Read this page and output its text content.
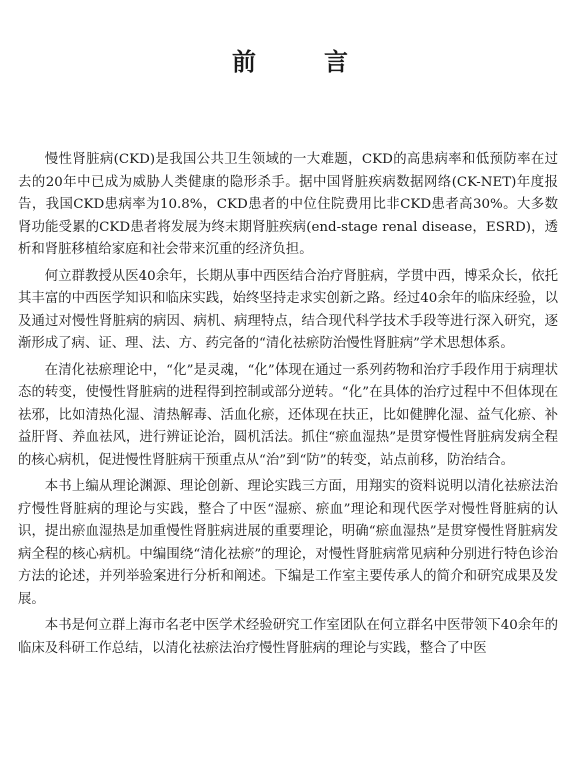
前　言

慢性肾脏病(CKD)是我国公共卫生领域的一大难题，CKD的高患病率和低预防率在过去的20年中已成为威胁人类健康的隐形杀手。据中国肾脏疾病数据网络(CK-NET)年度报告，我国CKD患病率为10.8%，CKD患者的中位住院费用比非CKD患者高30%。大多数肾功能受累的CKD患者将发展为终末期肾脏疾病(end-stage renal disease，ESRD)，透析和肾脏移植给家庭和社会带来沉重的经济负担。

何立群教授从医40余年，长期从事中西医结合治疗肾脏病，学贯中西，博采众长，依托其丰富的中西医学知识和临床实践，始终坚持走求实创新之路。经过40余年的临床经验，以及通过对慢性肾脏病的病因、病机、病理特点，结合现代科学技术手段等进行深入研究，逐渐形成了病、证、理、法、方、药完备的“清化祛瘀防治慢性肾脏病”学术思想体系。

在清化祛瘀理论中，“化”是灵魂，“化”体现在通过一系列药物和治疗手段作用于病理状态的转变，使慢性肾脏病的进程得到控制或部分逆转。“化”在具体的治疗过程中不但体现在祛邪，比如清热化湿、清热解毒、活血化瘀，还体现在扶正，比如健脾化湿、益气化瘀、补益肝肾、养血祛风，进行辨证论治，圆机活法。抓住“瘀血湿热”是贯穿慢性肾脏病发病全程的核心病机，促进慢性肾脏病干预重点从“治”到“防”的转变，站点前移，防治结合。

本书上编从理论渊源、理论创新、理论实践三方面，用翔实的资料说明以清化祛瘀法治疗慢性肾脏病的理论与实践，整合了中医“湿瘀、瘀血”理论和现代医学对慢性肾脏病的认识，提出瘀血湿热是加重慢性肾脏病进展的重要理论，明确“瘀血湿热”是贯穿慢性肾脏病发病全程的核心病机。中编围绕“清化祛瘀”的理论，对慢性肾脏病常见病种分别进行特色诊治方法的论述，并列举验案进行分析和阐述。下编是工作室主要传承人的简介和研究成果及发展。

本书是何立群上海市名老中医学术经验研究工作室团队在何立群名中医带领下40余年的临床及科研工作总结，以清化祛瘀法治疗慢性肾脏病的理论与实践，整合了中医
